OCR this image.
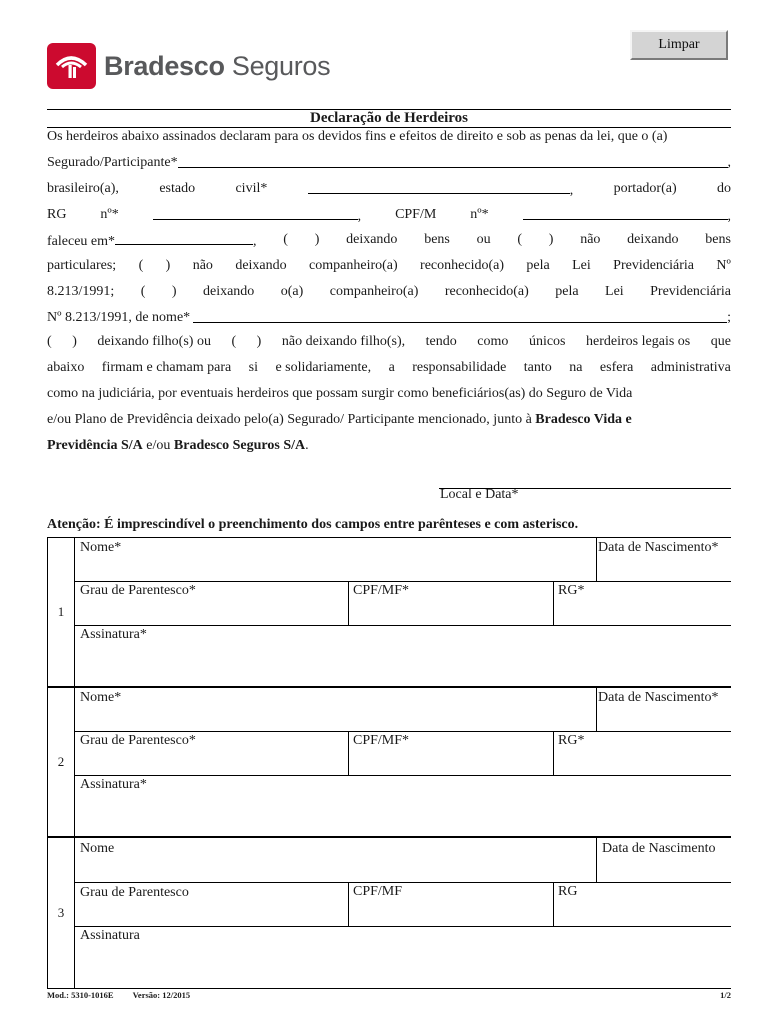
Bradesco Seguros
Limpar
Declaração de Herdeiros
Os herdeiros abaixo assinados declaram para os devidos fins e efeitos de direito e sob as penas da lei, que o (a)
Segurado/Participante*	,
brasileiro(a),	estado	civil*	,	portador(a)	do
RG nº*	, CPF/M nº*	,
faleceu em*	, ( ) deixando bens ou ( ) não deixando bens
particulares; ( ) não deixando companheiro(a) reconhecido(a) pela Lei Previdenciária Nº
8.213/1991; ( ) deixando o(a) companheiro(a) reconhecido(a) pela Lei Previdenciária
Nº 8.213/1991, de nome*	;
( ) deixando filho(s) ou ( ) não deixando filho(s), tendo como únicos herdeiros legais os que
abaixo firmam e chamam para si e solidariamente, a responsabilidade tanto na esfera administrativa
como na judiciária, por eventuais herdeiros que possam surgir como beneficiários(as) do Seguro de Vida
e/ou Plano de Previdência deixado pelo(a) Segurado/ Participante mencionado, junto à Bradesco Vida e
Previdência S/A e/ou Bradesco Seguros S/A.
Local e Data*
Atenção: É imprescindível o preenchimento dos campos entre parênteses e com asterisco.
1
Nome*	Data de Nascimento*
Grau de Parentesco*	CPF/MF*	RG*
Assinatura*
2
Nome*	Data de Nascimento*
Grau de Parentesco*	CPF/MF*	RG*
Assinatura*
3
Nome	Data de Nascimento
Grau de Parentesco	CPF/MF	RG
Assinatura
Mod.: 5310-1016E Versão: 12/2015	1/2
